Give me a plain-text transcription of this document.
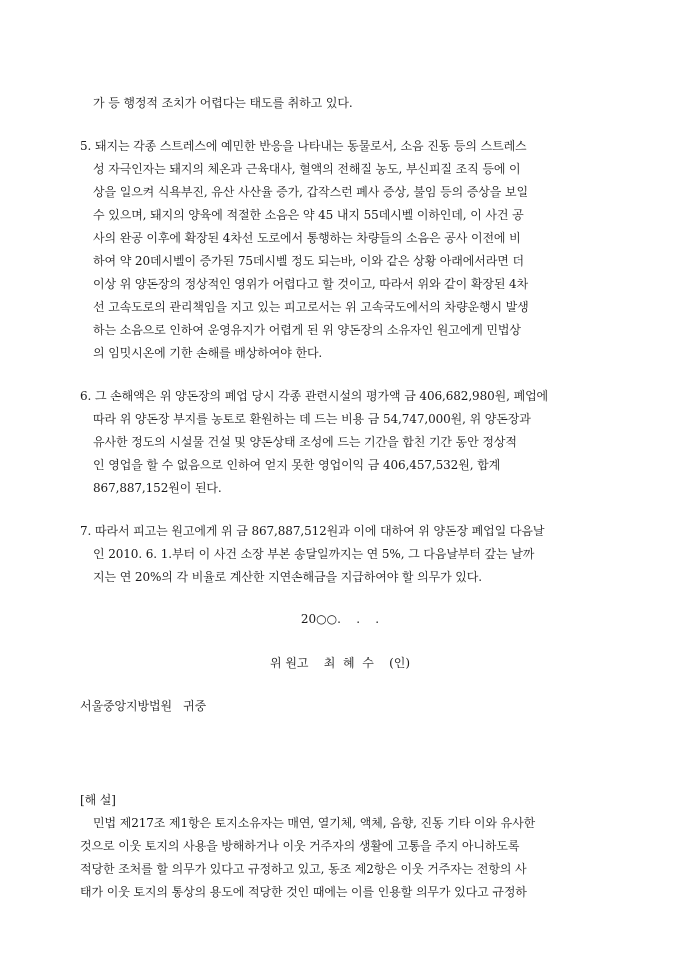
가 등 행정적 조치가 어렵다는 태도를 취하고 있다.
5. 돼지는 각종 스트레스에 예민한 반응을 나타내는 동물로서, 소음 진동 등의 스트레스
성 자극인자는 돼지의 체온과 근육대사, 혈액의 전해질 농도, 부신피질 조직 등에 이
상을 일으켜 식욕부진, 유산 사산율 증가, 갑작스런 폐사 증상, 불임 등의 증상을 보일
수 있으며, 돼지의 양육에 적절한 소음은 약 45 내지 55데시벨 이하인데, 이 사건 공
사의 완공 이후에 확장된 4차선 도로에서 통행하는 차량들의 소음은 공사 이전에 비
하여 약 20데시벨이 증가된 75데시벨 정도 되는바, 이와 같은 상황 아래에서라면 더
이상 위 양돈장의 정상적인 영위가 어렵다고 할 것이고, 따라서 위와 같이 확장된 4차
선 고속도로의 관리책임을 지고 있는 피고로서는 위 고속국도에서의 차량운행시 발생
하는 소음으로 인하여 운영유지가 어렵게 된 위 양돈장의 소유자인 원고에게 민법상
의 임밋시온에 기한 손해를 배상하여야 한다.
6. 그 손해액은 위 양돈장의 폐업 당시 각종 관련시설의 평가액 금 406,682,980원, 폐업에
따라 위 양돈장 부지를 농토로 환원하는 데 드는 비용 금 54,747,000원, 위 양돈장과
유사한 정도의 시설물 건설 및 양돈상태 조성에 드는 기간을 합친 기간 동안 정상적
인 영업을 할 수 없음으로 인하여 얻지 못한 영업이익 금 406,457,532원, 합계
867,887,152원이 된다.
7. 따라서 피고는 원고에게 위 금 867,887,512원과 이에 대하여 위 양돈장 폐업일 다음날
인 2010. 6. 1.부터 이 사건 소장 부본 송달일까지는 연 5%, 그 다음날부터 갚는 날까
지는 연 20%의 각 비율로 계산한 지연손해금을 지급하여야 할 의무가 있다.
20○○.    .    .
위 원고    최  혜  수    (인)
서울중앙지방법원   귀중
[해 설]
민법 제217조 제1항은 토지소유자는 매연, 열기체, 액체, 음향, 진동 기타 이와 유사한
것으로 이웃 토지의 사용을 방해하거나 이웃 거주자의 생활에 고통을 주지 아니하도록
적당한 조처를 할 의무가 있다고 규정하고 있고, 동조 제2항은 이웃 거주자는 전항의 사
태가 이웃 토지의 통상의 용도에 적당한 것인 때에는 이를 인용할 의무가 있다고 규정하
